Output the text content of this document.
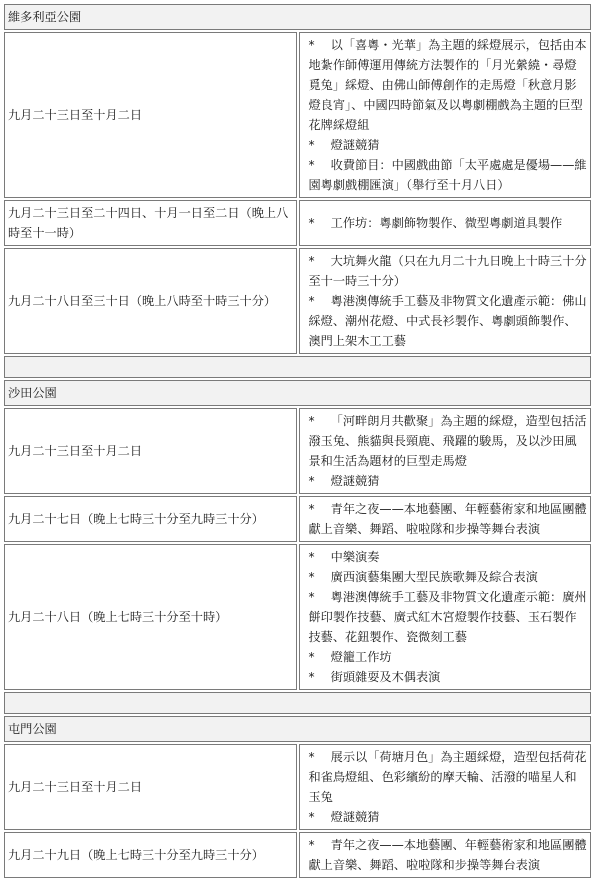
維多利亞公園	
九月二十三日至十月二日	*　 以「喜粵・光華」為主題的綵燈展示，包括由本地紮作師傅運用傳統方法製作的「月光縈繞・尋燈覓兔」綵燈、由佛山師傅創作的走馬燈「秋意月影燈良宵」、中國四時節氣及以粵劇棚戲為主題的巨型花牌綵燈組
*　 燈謎競猜
*　 收費節目：中國戲曲節「太平處處是優場——維園粵劇戲棚匯演」（舉行至十月八日）

九月二十三日至二十四日、十月一日至二日（晚上八時至十一時）	*　 工作坊：粵劇飾物製作、微型粵劇道具製作

九月二十八日至三十日（晚上八時至十時三十分）	*　 大坑舞火龍（只在九月二十九日晚上十時三十分至十一時三十分）
*　 粵港澳傳統手工藝及非物質文化遺產示範：佛山綵燈、潮州花燈、中式長衫製作、粵劇頭飾製作、澳門上架木工工藝

沙田公園	
九月二十三日至十月二日	*　 「河畔朗月共歡聚」為主題的綵燈，造型包括活潑玉兔、熊貓與長頸鹿、飛躍的駿馬，及以沙田風景和生活為題材的巨型走馬燈
*　 燈謎競猜

九月二十七日（晚上七時三十分至九時三十分）	*　 青年之夜——本地藝團、年輕藝術家和地區團體獻上音樂、舞蹈、啦啦隊和步操等舞台表演

九月二十八日（晚上七時三十分至十時）	*　 中樂演奏
*　 廣西演藝集團大型民族歌舞及綜合表演
*　 粵港澳傳統手工藝及非物質文化遺產示範：廣州餅印製作技藝、廣式紅木宮燈製作技藝、玉石製作技藝、花鈕製作、瓷微刻工藝
*　 燈籠工作坊
*　 街頭雜耍及木偶表演

屯門公園	
九月二十三日至十月二日	*　 展示以「荷塘月色」為主題綵燈，造型包括荷花和雀鳥燈組、色彩繽紛的摩天輪、活潑的喵星人和玉兔
*　 燈謎競猜

九月二十九日（晚上七時三十分至九時三十分）	*　 青年之夜——本地藝團、年輕藝術家和地區團體獻上音樂、舞蹈、啦啦隊和步操等舞台表演
